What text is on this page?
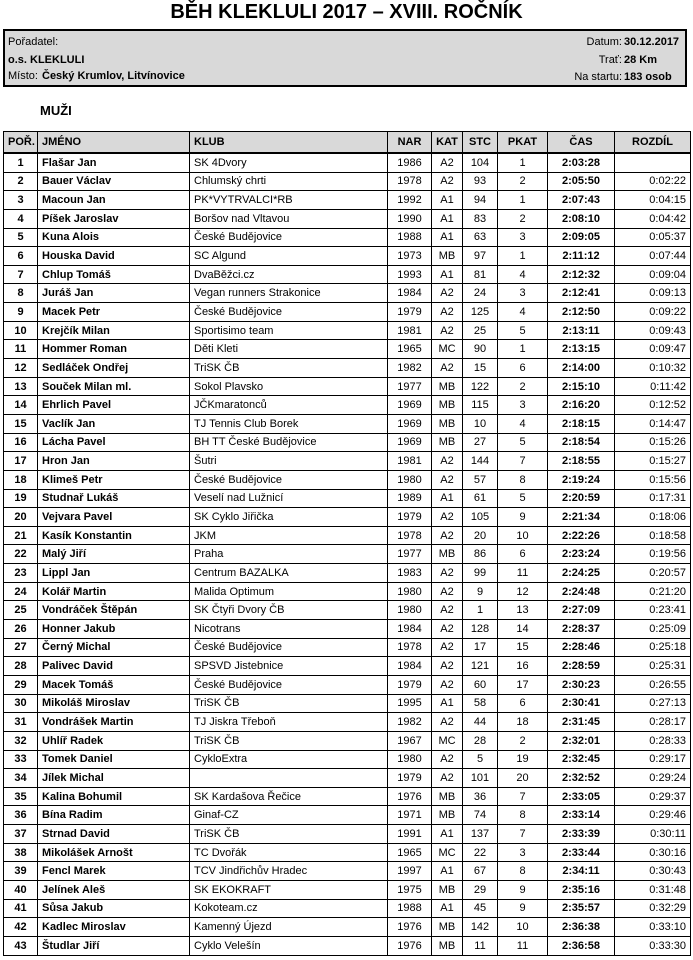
BĚH KLEKLULI 2017 – XVIII. ROČNÍK
Pořadatel:
o.s. KLEKLULI
Místo: Český Krumlov, Litvínovice
Datum: 30.12.2017
Trať: 28 Km
Na startu: 183 osob
MUŽI
POŘ.	JMÉNO	KLUB	NAR	KAT	STC	PKAT	ČAS	ROZDÍL
1	Flašar Jan	SK 4Dvory	1986	A2	104	1	2:03:28	
2	Bauer Václav	Chlumský chrti	1978	A2	93	2	2:05:50	0:02:22
3	Macoun Jan	PK*VYTRVALCI*RB	1992	A1	94	1	2:07:43	0:04:15
4	Píšek Jaroslav	Boršov nad Vltavou	1990	A1	83	2	2:08:10	0:04:42
5	Kuna Alois	České Budějovice	1988	A1	63	3	2:09:05	0:05:37
6	Houska David	SC Algund	1973	MB	97	1	2:11:12	0:07:44
7	Chlup Tomáš	DvaBěžci.cz	1993	A1	81	4	2:12:32	0:09:04
8	Juráš Jan	Vegan runners Strakonice	1984	A2	24	3	2:12:41	0:09:13
9	Macek Petr	České Budějovice	1979	A2	125	4	2:12:50	0:09:22
10	Krejčík Milan	Sportisimo team	1981	A2	25	5	2:13:11	0:09:43
11	Hommer Roman	Děti Kleti	1965	MC	90	1	2:13:15	0:09:47
12	Sedláček Ondřej	TriSK ČB	1982	A2	15	6	2:14:00	0:10:32
13	Souček Milan ml.	Sokol Plavsko	1977	MB	122	2	2:15:10	0:11:42
14	Ehrlich Pavel	JČKmaratonců	1969	MB	115	3	2:16:20	0:12:52
15	Vaclík Jan	TJ Tennis Club Borek	1969	MB	10	4	2:18:15	0:14:47
16	Lácha Pavel	BH TT České Budějovice	1969	MB	27	5	2:18:54	0:15:26
17	Hron Jan	Šutri	1981	A2	144	7	2:18:55	0:15:27
18	Klimeš Petr	České Budějovice	1980	A2	57	8	2:19:24	0:15:56
19	Studnař Lukáš	Veselí nad Lužnicí	1989	A1	61	5	2:20:59	0:17:31
20	Vejvara Pavel	SK Cyklo Jiřička	1979	A2	105	9	2:21:34	0:18:06
21	Kasík Konstantin	JKM	1978	A2	20	10	2:22:26	0:18:58
22	Malý Jiří	Praha	1977	MB	86	6	2:23:24	0:19:56
23	Lippl Jan	Centrum BAZALKA	1983	A2	99	11	2:24:25	0:20:57
24	Kolář Martin	Malida Optimum	1980	A2	9	12	2:24:48	0:21:20
25	Vondráček Štěpán	SK Čtyři Dvory ČB	1980	A2	1	13	2:27:09	0:23:41
26	Honner Jakub	Nicotrans	1984	A2	128	14	2:28:37	0:25:09
27	Černý Michal	České Budějovice	1978	A2	17	15	2:28:46	0:25:18
28	Palivec David	SPSVD Jistebnice	1984	A2	121	16	2:28:59	0:25:31
29	Macek Tomáš	České Budějovice	1979	A2	60	17	2:30:23	0:26:55
30	Mikoláš Miroslav	TriSK ČB	1995	A1	58	6	2:30:41	0:27:13
31	Vondrášek Martin	TJ Jiskra Třeboň	1982	A2	44	18	2:31:45	0:28:17
32	Uhlíř Radek	TriSK ČB	1967	MC	28	2	2:32:01	0:28:33
33	Tomek Daniel	CykloExtra	1980	A2	5	19	2:32:45	0:29:17
34	Jílek Michal		1979	A2	101	20	2:32:52	0:29:24
35	Kalina Bohumil	SK Kardašova Řečice	1976	MB	36	7	2:33:05	0:29:37
36	Bína Radim	Ginaf-CZ	1971	MB	74	8	2:33:14	0:29:46
37	Strnad David	TriSK ČB	1991	A1	137	7	2:33:39	0:30:11
38	Mikolášek Arnošt	TC Dvořák	1965	MC	22	3	2:33:44	0:30:16
39	Fencl Marek	TCV Jindřichův Hradec	1997	A1	67	8	2:34:11	0:30:43
40	Jelínek Aleš	SK EKOKRAFT	1975	MB	29	9	2:35:16	0:31:48
41	Sůsa Jakub	Kokoteam.cz	1988	A1	45	9	2:35:57	0:32:29
42	Kadlec Miroslav	Kamenný Újezd	1976	MB	142	10	2:36:38	0:33:10
43	Študlar Jiří	Cyklo Velešín	1976	MB	11	11	2:36:58	0:33:30
